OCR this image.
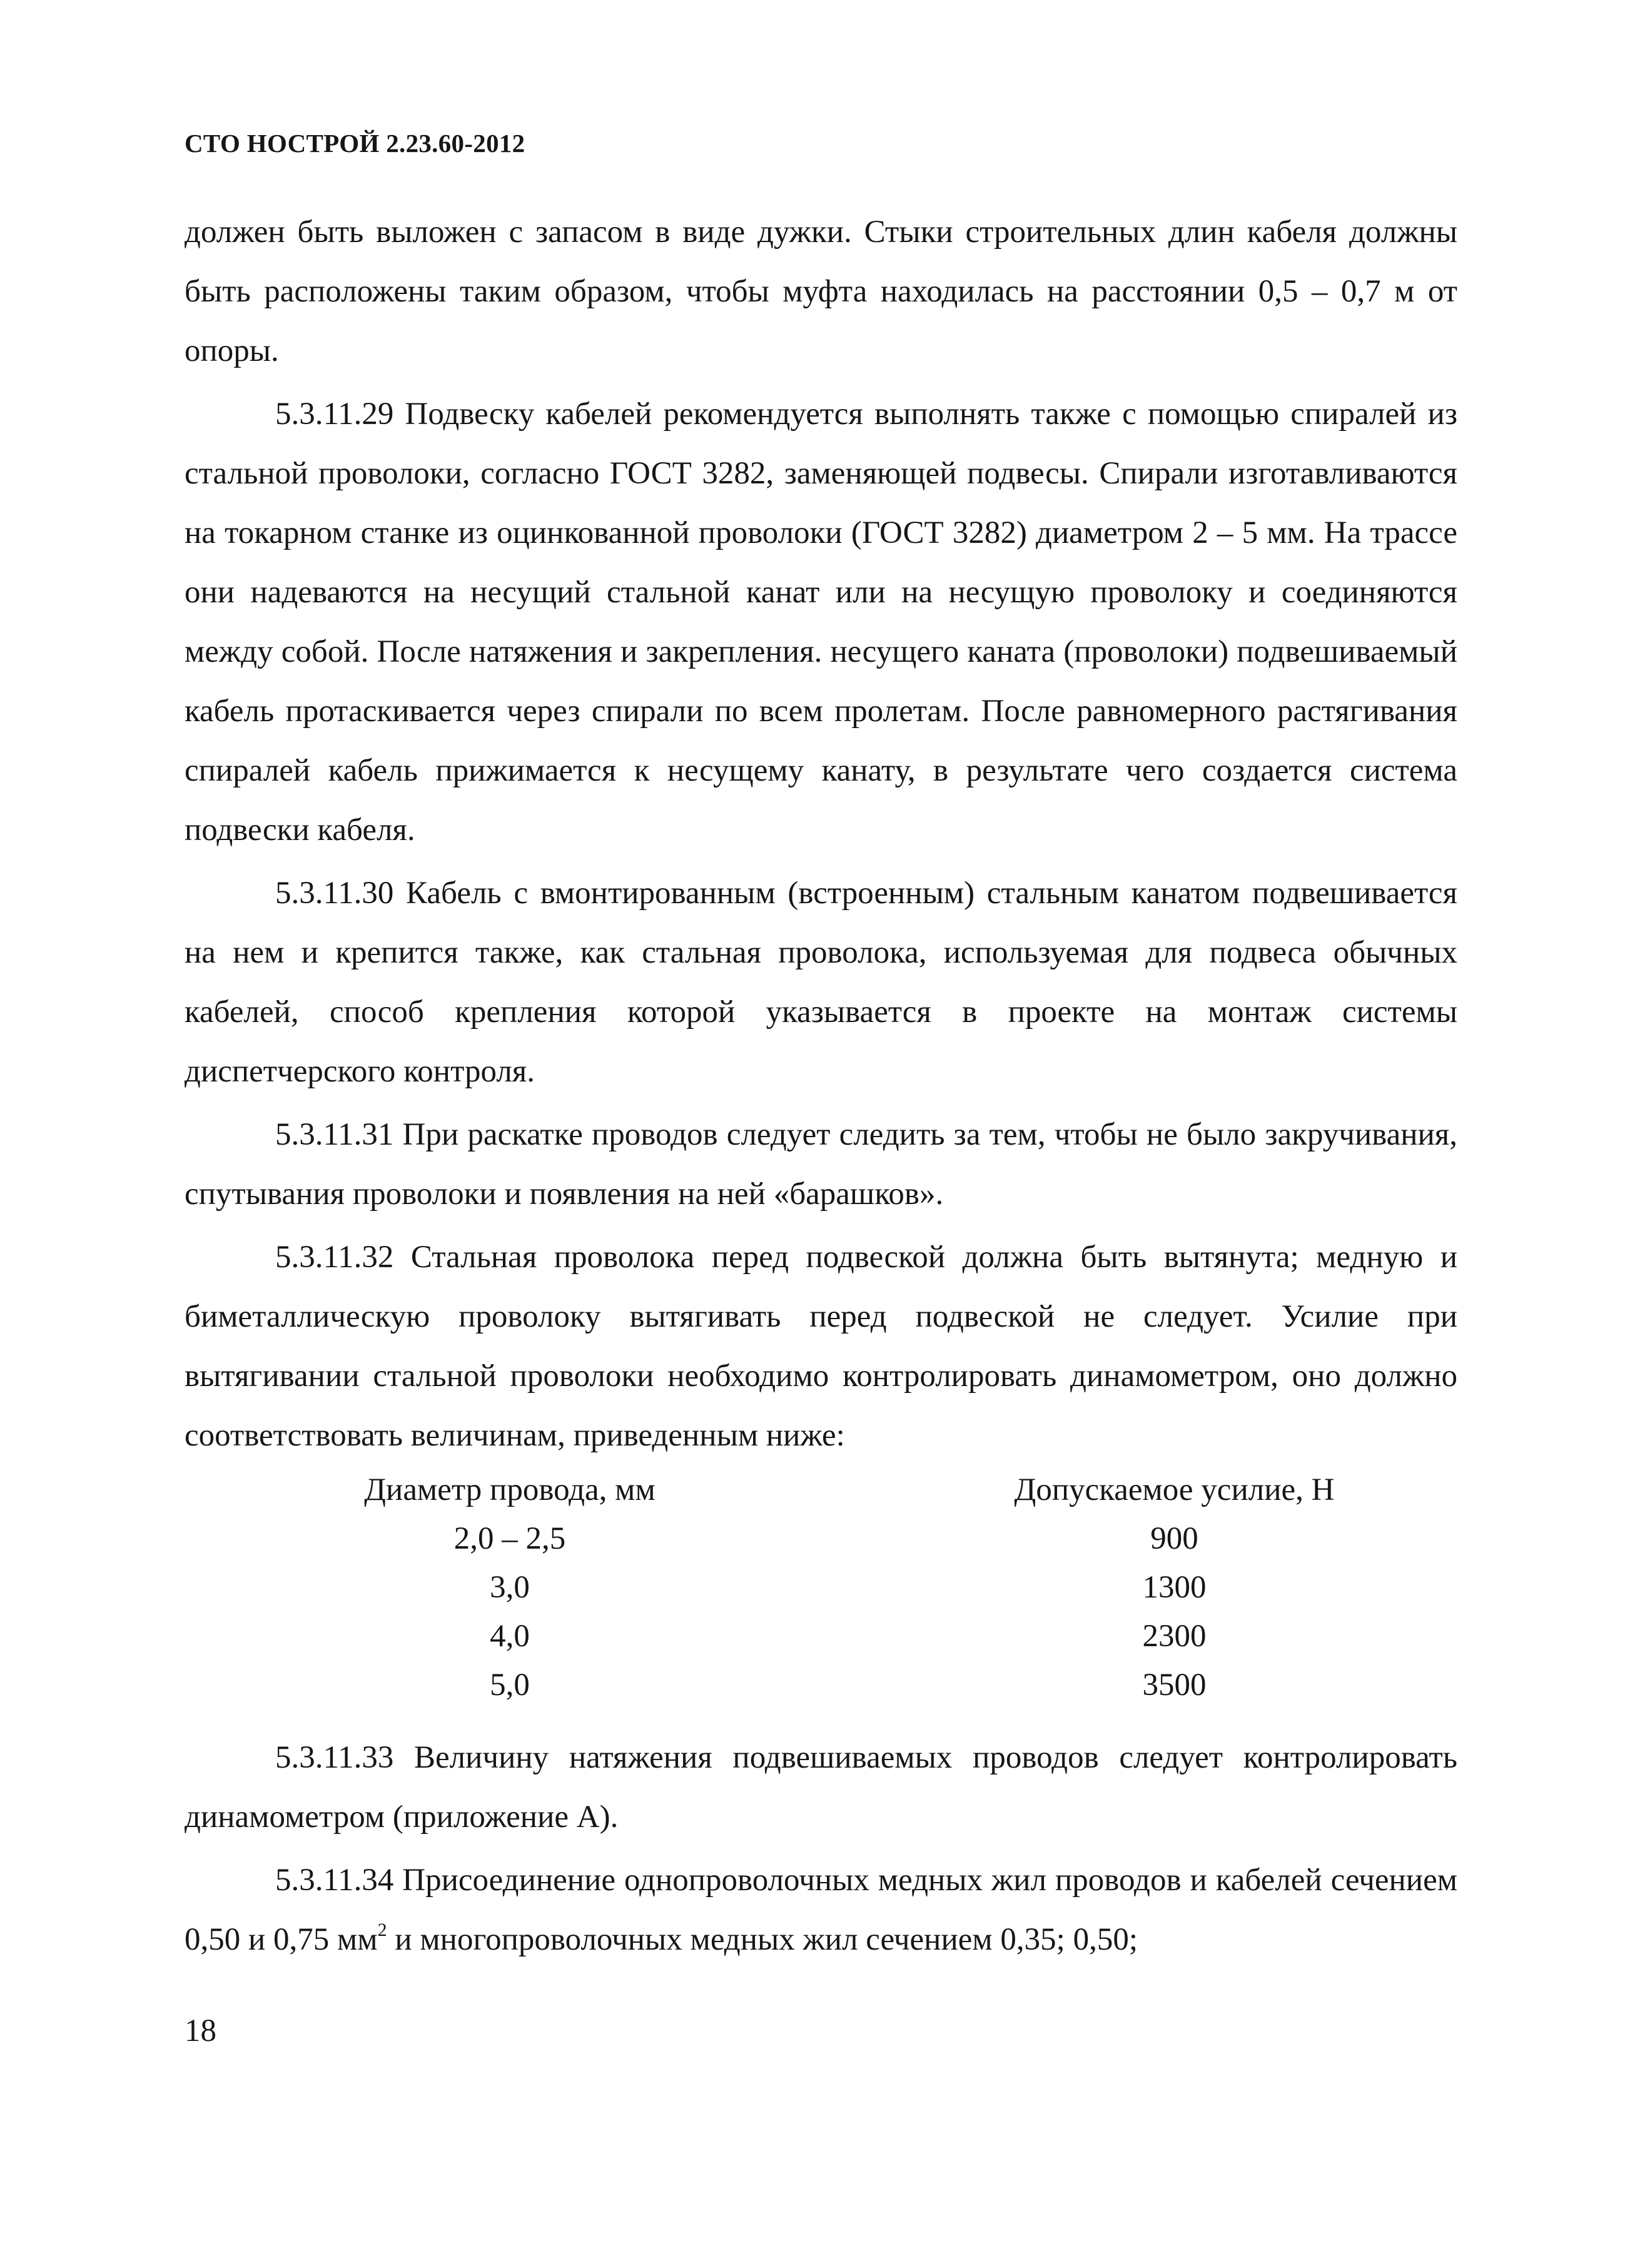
СТО НОСТРОЙ 2.23.60-2012

должен быть выложен с запасом в виде дужки. Стыки строительных длин кабеля должны быть расположены таким образом, чтобы муфта находилась на расстоянии 0,5 – 0,7 м от опоры.

5.3.11.29 Подвеску кабелей рекомендуется выполнять также с помощью спиралей из стальной проволоки, согласно ГОСТ 3282, заменяющей подвесы. Спирали изготавливаются на токарном станке из оцинкованной проволоки (ГОСТ 3282) диаметром 2 – 5 мм. На трассе они надеваются на несущий стальной канат или на несущую проволоку и соединяются между собой. После натяжения и закрепления. несущего каната (проволоки) подвешиваемый кабель протаскивается через спирали по всем пролетам. После равномерного растягивания спиралей кабель прижимается к несущему канату, в результате чего создается система подвески кабеля.

5.3.11.30 Кабель с вмонтированным (встроенным) стальным канатом подвешивается на нем и крепится также, как стальная проволока, используемая для подвеса обычных кабелей, способ крепления которой указывается в проекте на монтаж системы диспетчерского контроля.

5.3.11.31 При раскатке проводов следует следить за тем, чтобы не было закручивания, спутывания проволоки и появления на ней «барашков».

5.3.11.32 Стальная проволока перед подвеской должна быть вытянута; медную и биметаллическую проволоку вытягивать перед подвеской не следует. Усилие при вытягивании стальной проволоки необходимо контролировать динамометром, оно должно соответствовать величинам, приведенным ниже:

Диаметр провода, мм	Допускаемое усилие, Н
2,0 – 2,5	900
3,0	1300
4,0	2300
5,0	3500

5.3.11.33 Величину натяжения подвешиваемых проводов следует контролировать динамометром (приложение А).

5.3.11.34 Присоединение однопроволочных медных жил проводов и кабелей сечением 0,50 и 0,75 $мм^2$ и многопроволочных медных жил сечением 0,35; 0,50;

18
